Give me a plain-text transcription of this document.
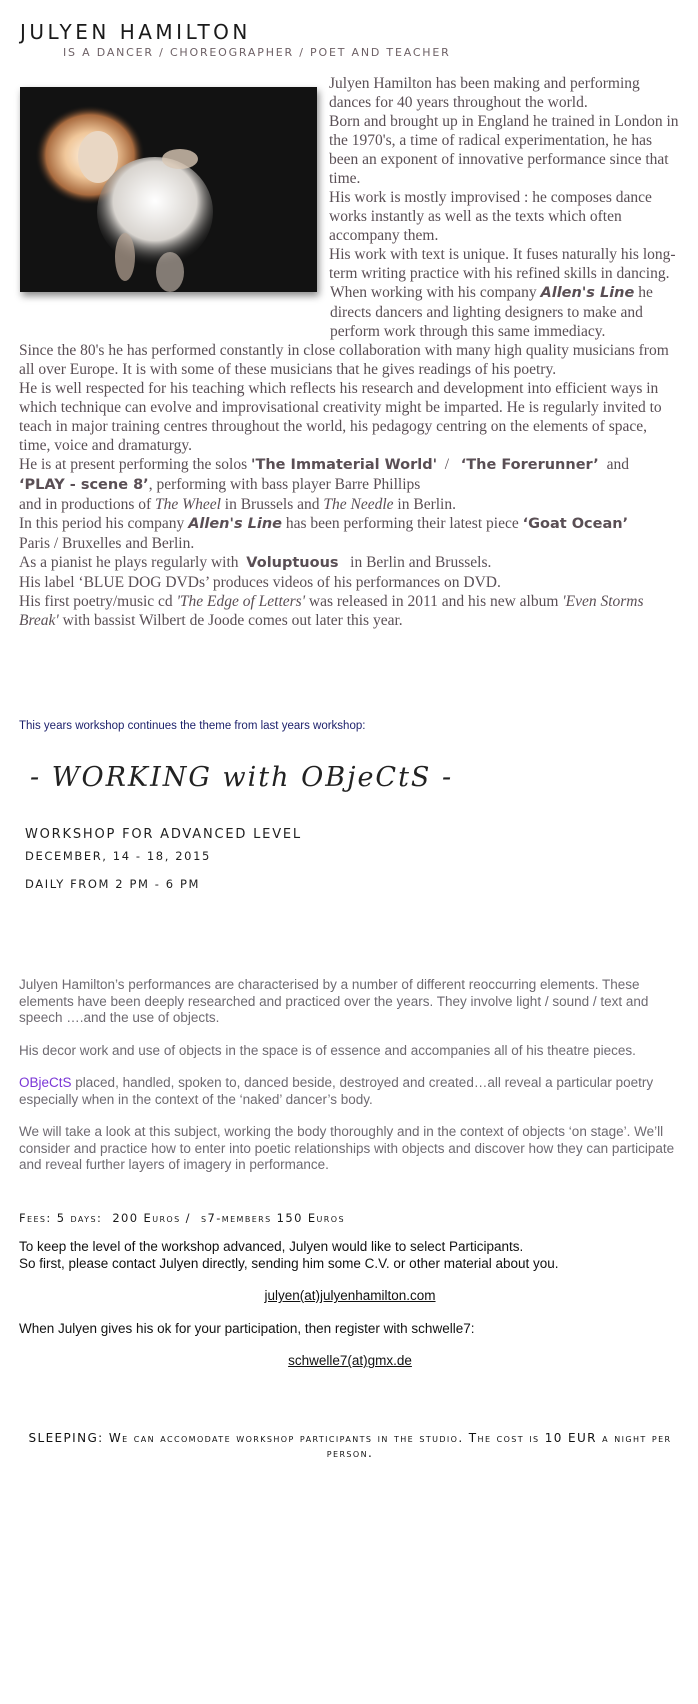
JULYEN HAMILTON
IS A DANCER / CHOREOGRAPHER / POET AND TEACHER

Julyen Hamilton has been making and performing dances for 40 years throughout the world.

Born and brought up in England he trained in London in the 1970's, a time of radical experimentation, he has been an exponent of innovative performance since that time.

His work is mostly improvised : he composes dance works instantly as well as the texts which often accompany them.

His work with text is unique. It fuses naturally his long-term writing practice with his refined skills in dancing.

When working with his company Allen's Line he directs dancers and lighting designers to make and perform work through this same immediacy.

Since the 80's he has performed constantly in close collaboration with many high quality musicians from all over Europe. It is with some of these musicians that he gives readings of his poetry.

He is well respected for his teaching which reflects his research and development into efficient ways in which technique can evolve and improvisational creativity might be imparted. He is regularly invited to teach in major training centres throughout the world, his pedagogy centring on the elements of space, time, voice and dramaturgy.

He is at present performing the solos 'The Immaterial World'  /   ‘The Forerunner’  and
‘PLAY - scene 8’, performing with bass player Barre Phillips

and in productions of The Wheel in Brussels and The Needle in Berlin.

In this period his company Allen's Line has been performing their latest piece ‘Goat Ocean’
Paris / Bruxelles and Berlin.

As a pianist he plays regularly with  Voluptuous   in Berlin and Brussels.

His label ‘BLUE DOG DVDs’ produces videos of his performances on DVD.

His first poetry/music cd 'The Edge of Letters' was released in 2011 and his new album 'Even Storms Break' with bassist Wilbert de Joode comes out later this year.

This years workshop continues the theme from last years workshop:
- WORKING with OBjeCtS -
WORKSHOP FOR ADVANCED LEVEL
DECEMBER, 14 - 18, 2015
DAILY FROM 2 PM - 6 PM

Julyen Hamilton’s performances are characterised by a number of different reoccurring elements. These elements have been deeply researched and practiced over the years. They involve light / sound / text and speech ….and the use of objects.

His decor work and use of objects in the space is of essence and accompanies all of his theatre pieces.

OBjeCtS placed, handled, spoken to, danced beside, destroyed and created…all reveal a particular poetry especially when in the context of the ‘naked’ dancer’s body.

We will take a look at this subject, working the body thoroughly and in the context of objects ‘on stage’. We’ll consider and practice how to enter into poetic relationships with objects and discover how they can participate and reveal further layers of imagery in performance.

Fees: 5 days:  200 Euros /  s7-members 150 Euros

To keep the level of the workshop advanced, Julyen would like to select Participants.

So first, please contact Julyen directly, sending him some C.V. or other material about you.

julyen(at)julyenhamilton.com

When Julyen gives his ok for your participation, then register with schwelle7:

schwelle7(at)gmx.de

SLEEPING: We can accomodate workshop participants in the studio. The cost is 10 EUR a night per person.
